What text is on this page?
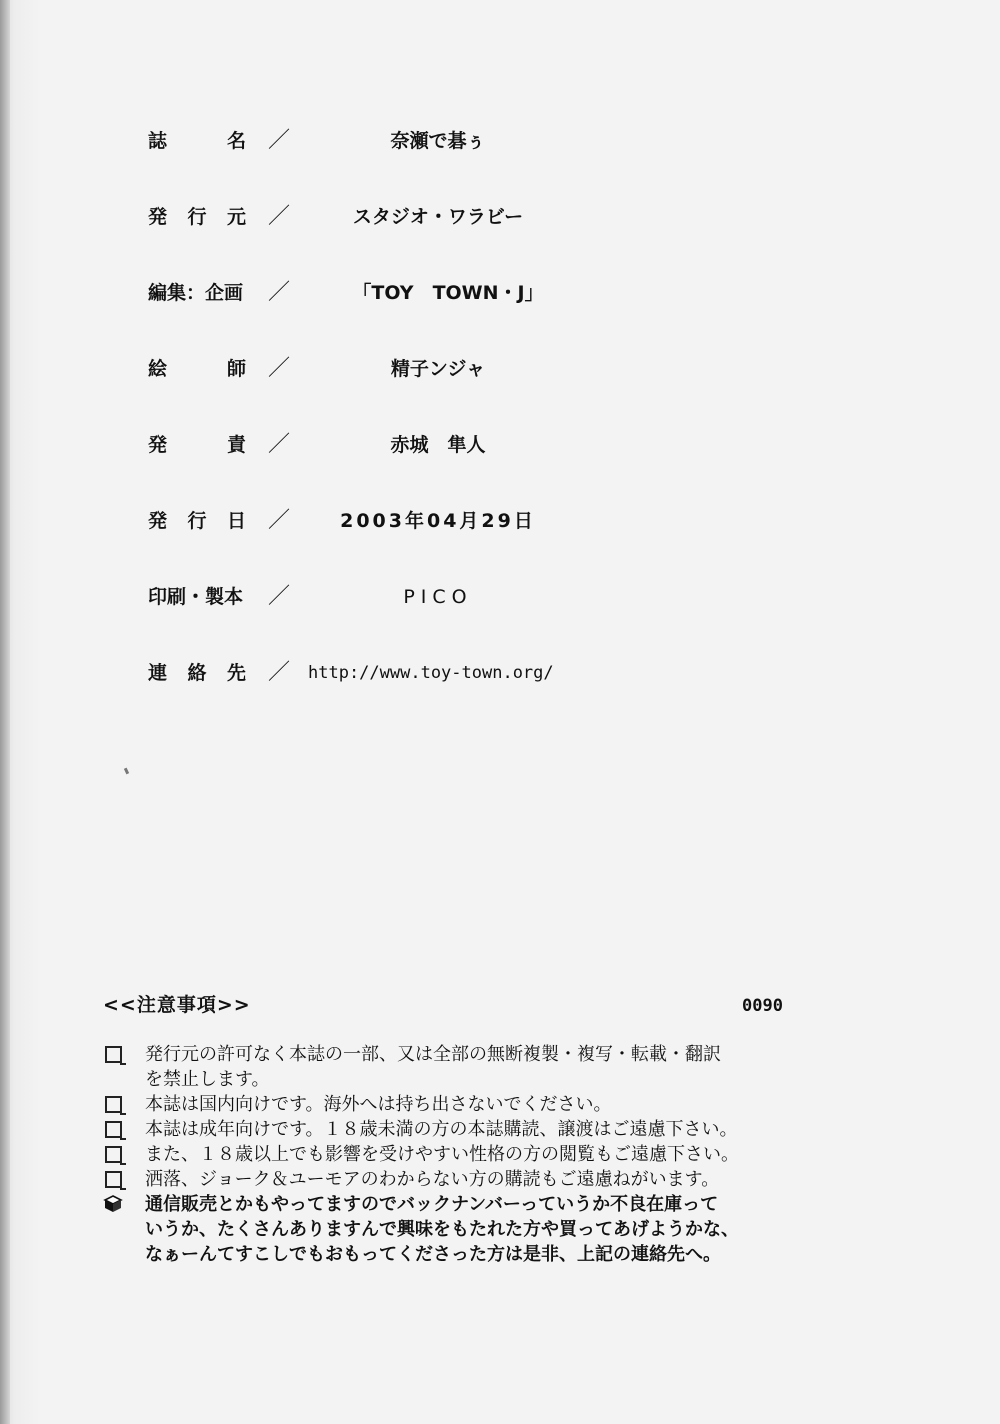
誌　名 ／	奈瀬で碁ぅ
発行元 ／	スタジオ・ワラビー
編集：企画 ／	「TOY　TOWN・J」
絵　師 ／	精子ンジャ
発　責 ／	赤城　隼人
発行日 ／	2003年04月29日
印刷・製本 ／	PICO
連絡先 ／ http://www.toy-town.org/
<<注意事項>>	0090
発行元の許可なく本誌の一部、又は全部の無断複製・複写・転載・翻訳
を禁止します。
本誌は国内向けです。海外へは持ち出さないでください。
本誌は成年向けです。１８歳未満の方の本誌購読、譲渡はご遠慮下さい。
また、１８歳以上でも影響を受けやすい性格の方の閲覧もご遠慮下さい。
洒落、ジョーク＆ユーモアのわからない方の購読もご遠慮ねがいます。
通信販売とかもやってますのでバックナンバーっていうか不良在庫って
いうか、たくさんありますんで興味をもたれた方や買ってあげようかな、
なぁーんてすこしでもおもってくださった方は是非、上記の連絡先へ。
